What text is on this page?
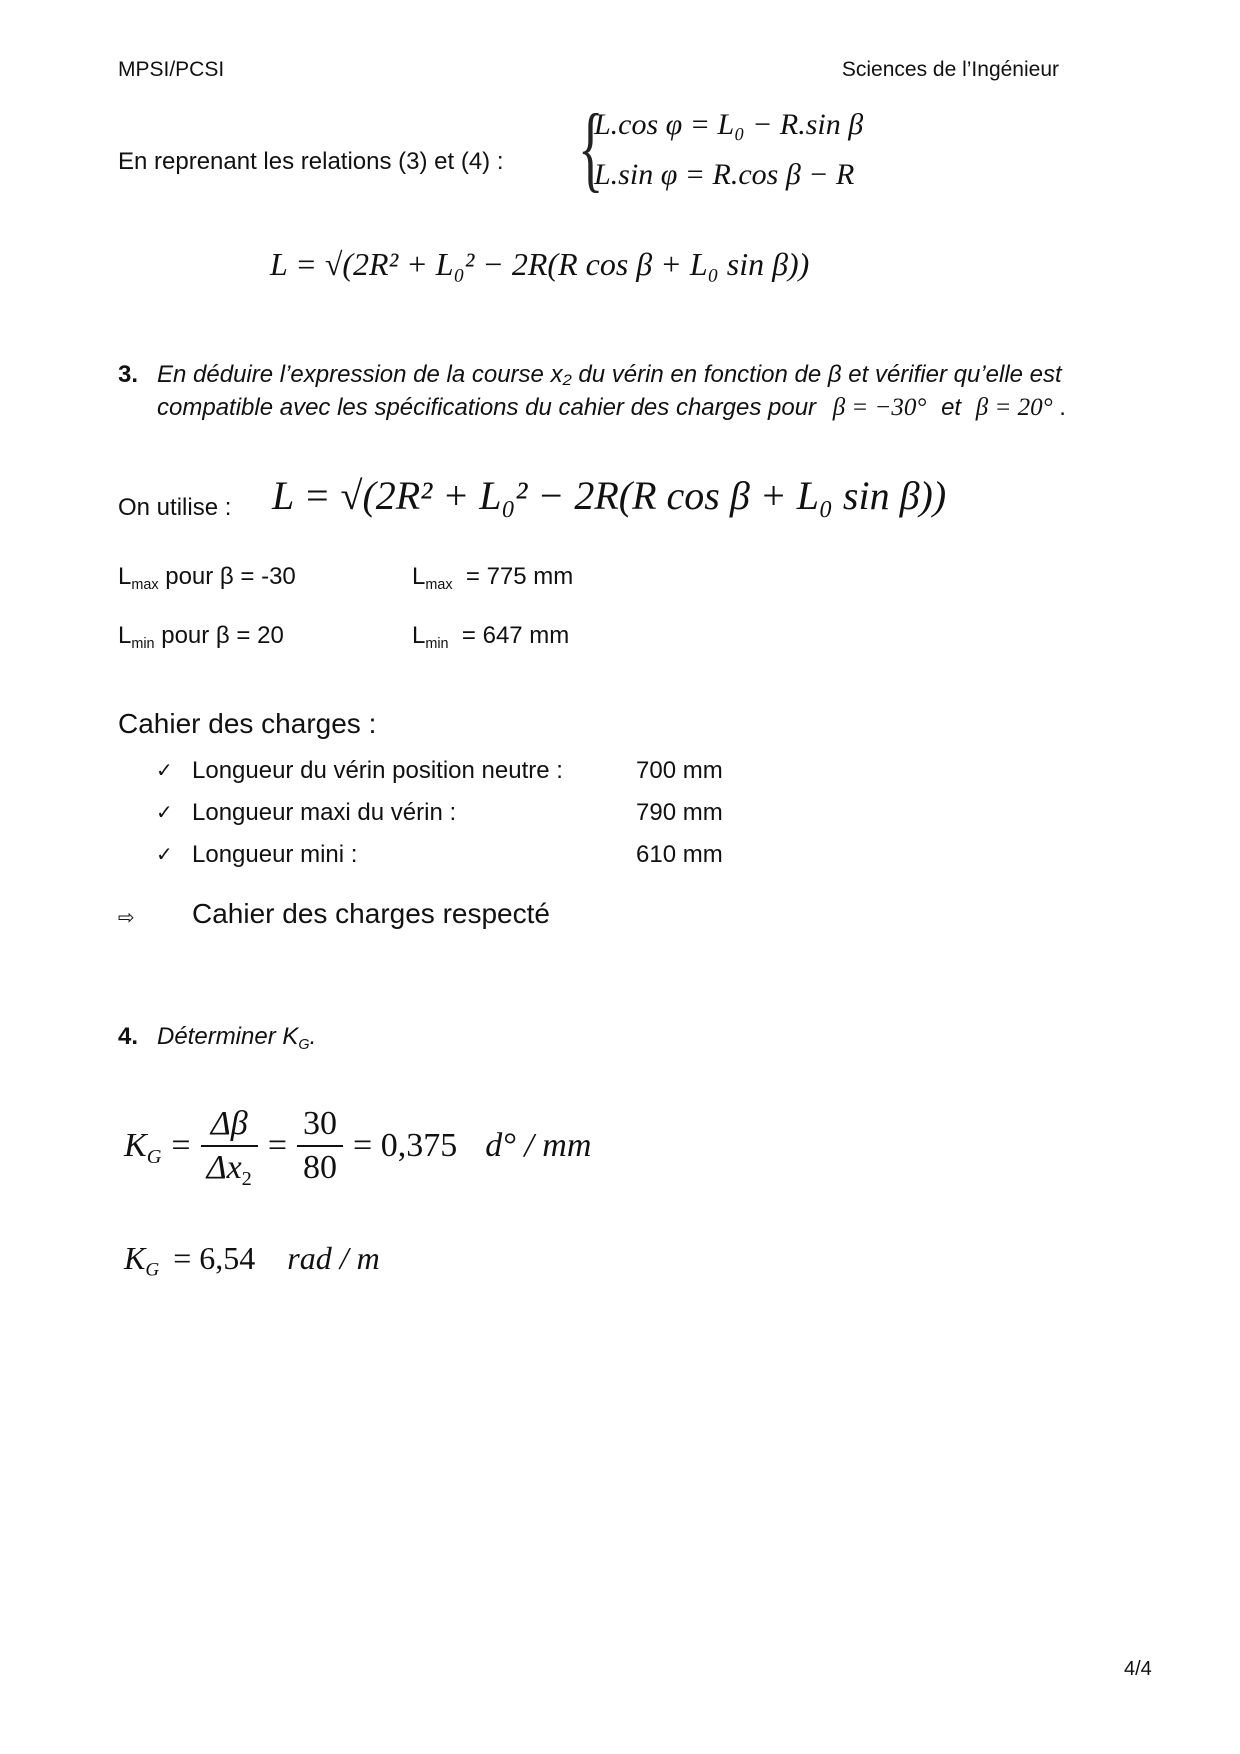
MPSI/PCSI	Sciences de l’Ingénieur
En reprenant les relations (3) et (4) : {
L.cos φ = L₀ − R.sin β
L.sin φ = R.cos β − R
L = √(2R² + L₀² − 2R(R cos β + L₀ sin β))
3. En déduire l’expression de la course x₂ du vérin en fonction de β et vérifier qu’elle est
compatible avec les spécifications du cahier des charges pour β = −30° et β = 20° .
On utilise : L = √(2R² + L₀² − 2R(R cos β + L₀ sin β))
$L_{max}$ pour β = -30	$L_{max} = 775$ mm
$L_{min}$ pour β = 20	$L_{min} = 647$ mm
Cahier des charges :
✓ Longueur du vérin position neutre :	700 mm
✓ Longueur maxi du vérin :	790 mm
✓ Longueur mini :	610 mm
⇨ Cahier des charges respecté
4. Déterminer $K_G$.
$K_G = \frac{\Delta\beta}{\Delta x_2} = \frac{30}{80} = 0,375$ d° / mm
$K_G = 6,54$ rad / m
4/4
